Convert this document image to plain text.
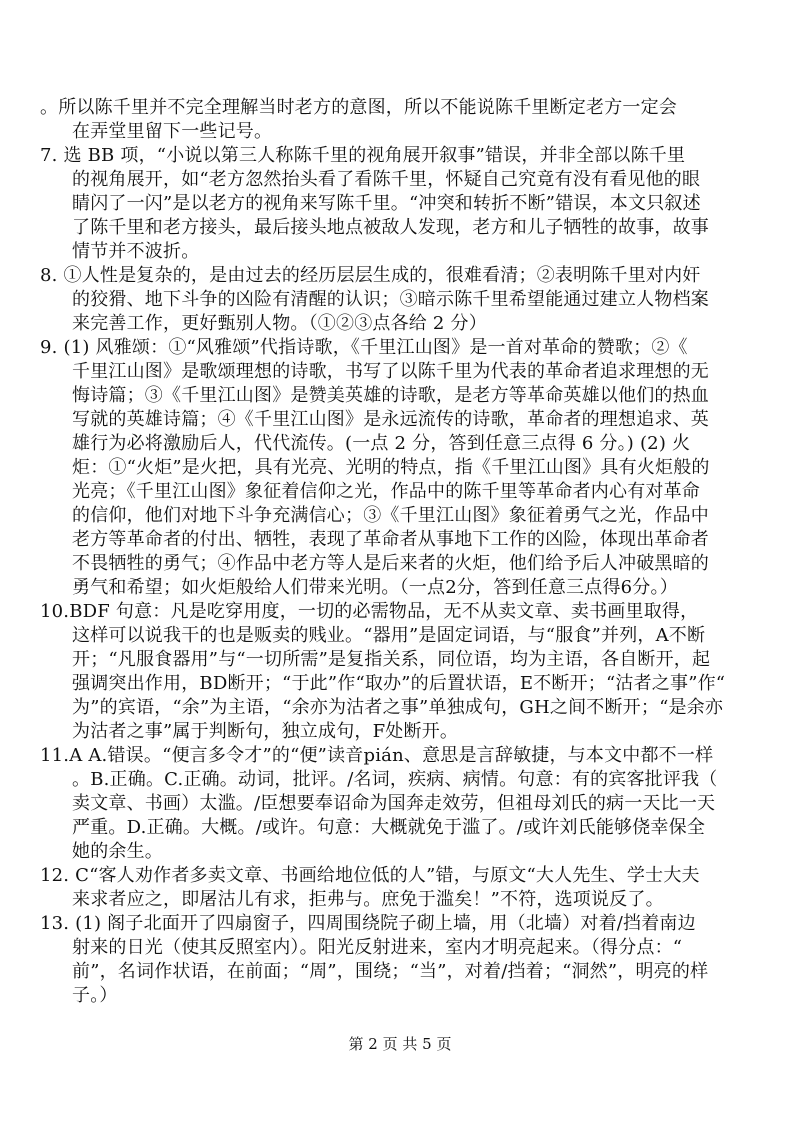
。所以陈千里并不完全理解当时老方的意图，所以不能说陈千里断定老方一定会
在弄堂里留下一些记号。
7. 选 BB 项，“小说以第三人称陈千里的视角展开叙事”错误，并非全部以陈千里
的视角展开，如“老方忽然抬头看了看陈千里，怀疑自己究竟有没有看见他的眼
睛闪了一闪”是以老方的视角来写陈千里。“冲突和转折不断”错误，本文只叙述
了陈千里和老方接头，最后接头地点被敌人发现，老方和儿子牺牲的故事，故事
情节并不波折。
8. ①人性是复杂的，是由过去的经历层层生成的，很难看清；②表明陈千里对内奸
的狡猾、地下斗争的凶险有清醒的认识；③暗示陈千里希望能通过建立人物档案
来完善工作，更好甄别人物。（①②③点各给 2 分）
9. (1) 风雅颂：①“风雅颂”代指诗歌，《千里江山图》是一首对革命的赞歌；②《
千里江山图》是歌颂理想的诗歌，书写了以陈千里为代表的革命者追求理想的无
悔诗篇；③《千里江山图》是赞美英雄的诗歌，是老方等革命英雄以他们的热血
写就的英雄诗篇；④《千里江山图》是永远流传的诗歌，革命者的理想追求、英
雄行为必将激励后人，代代流传。(一点 2 分，答到任意三点得 6 分。) (2) 火
炬：①“火炬”是火把，具有光亮、光明的特点，指《千里江山图》具有火炬般的
光亮；《千里江山图》象征着信仰之光，作品中的陈千里等革命者内心有对革命
的信仰，他们对地下斗争充满信心；③《千里江山图》象征着勇气之光，作品中
老方等革命者的付出、牺牲，表现了革命者从事地下工作的凶险，体现出革命者
不畏牺牲的勇气；④作品中老方等人是后来者的火炬，他们给予后人冲破黑暗的
勇气和希望；如火炬般给人们带来光明。（一点2分，答到任意三点得6分。）
10.BDF 句意：凡是吃穿用度，一切的必需物品，无不从卖文章、卖书画里取得，
这样可以说我干的也是贩卖的贱业。“器用”是固定词语，与“服食”并列，A不断
开；“凡服食器用”与“一切所需”是复指关系，同位语，均为主语，各自断开，起
强调突出作用，BD断开；“于此”作“取办”的后置状语，E不断开；“沽者之事”作“
为”的宾语，“余”为主语，“余亦为沽者之事”单独成句，GH之间不断开；“是余亦
为沽者之事”属于判断句，独立成句，F处断开。
11.A A.错误。“便言多令才”的“便”读音pián、意思是言辞敏捷，与本文中都不一样
。B.正确。C.正确。动词，批评。/名词，疾病、病情。句意：有的宾客批评我（
卖文章、书画）太滥。/臣想要奉诏命为国奔走效劳，但祖母刘氏的病一天比一天
严重。D.正确。大概。/或许。句意：大概就免于滥了。/或许刘氏能够侥幸保全
她的余生。
12. C“客人劝作者多卖文章、书画给地位低的人”错，与原文“大人先生、学士大夫
来求者应之，即屠沽儿有求，拒弗与。庶免于滥矣！”不符，选项说反了。
13. (1) 阁子北面开了四扇窗子，四周围绕院子砌上墙，用（北墙）对着/挡着南边
射来的日光（使其反照室内）。阳光反射进来，室内才明亮起来。（得分点：“
前”，名词作状语，在前面；“周”，围绕；“当”，对着/挡着；“洞然”，明亮的样
子。）
第 2 页 共 5 页
